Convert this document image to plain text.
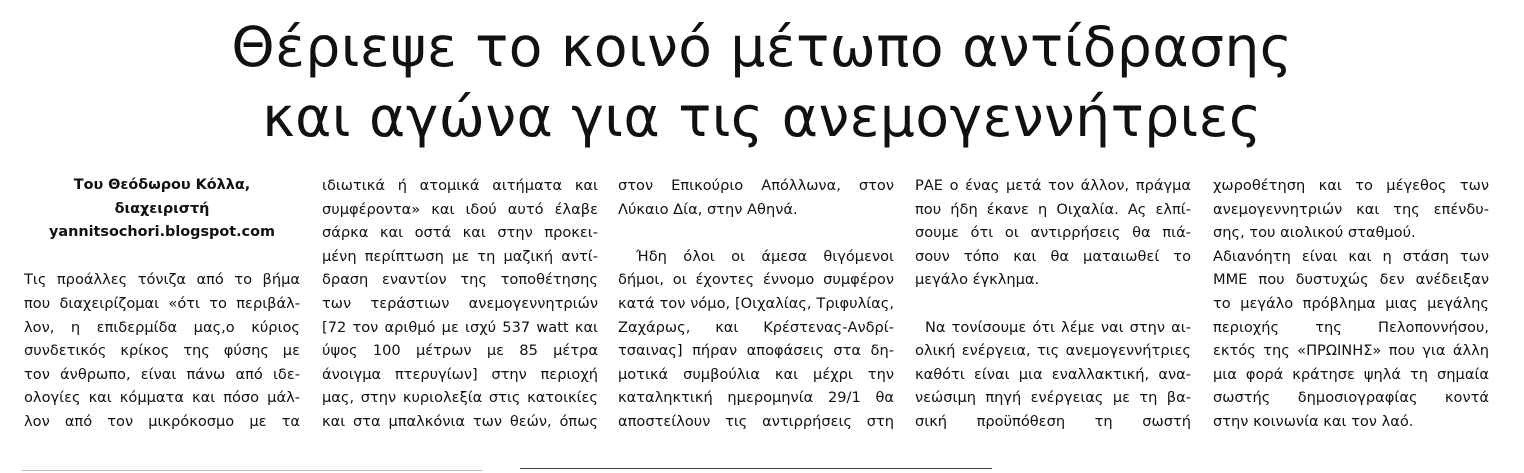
Θέριεψε το κοινό μέτωπο αντίδρασης
και αγώνα για τις ανεμογεννήτριες
Του Θεόδωρου Κόλλα,
διαχειριστή
yannitsochori.blogspot.com

Τις προάλλες τόνιζα από το βήμα

που διαχειρίζομαι «ότι το περιβάλ-

λον, η επιδερμίδα μας,ο κύριος

συνδετικός κρίκος της φύσης με

τον άνθρωπο, είναι πάνω από ιδε-

ολογίες και κόμματα και πόσο μάλ-

λον από τον μικρόκοσμο με τα

ιδιωτικά ή ατομικά αιτήματα και

συμφέροντα» και ιδού αυτό έλαβε

σάρκα και οστά και στην προκει-

μένη περίπτωση με τη μαζική αντί-

δραση εναντίον της τοποθέτησης

των τεράστιων ανεμογεννητριών

[72 τον αριθμό με ισχύ 537 watt και

ύψος 100 μέτρων με 85 μέτρα

άνοιγμα πτερυγίων] στην περιοχή

μας, στην κυριολεξία στις κατοικίες

και στα μπαλκόνια των θεών, όπως

στον Επικούριο Απόλλωνα, στον

Λύκαιο Δία, στην Αθηνά.

Ήδη όλοι οι άμεσα θιγόμενοι

δήμοι, οι έχοντες έννομο συμφέρον

κατά τον νόμο, [Οιχαλίας, Τριφυλίας,

Ζαχάρως, και Κρέστενας-Ανδρί-

τσαινας] πήραν αποφάσεις στα δη-

μοτικά συμβούλια και μέχρι την

καταληκτική ημερομηνία 29/1 θα

αποστείλουν τις αντιρρήσεις στη

ΡΑΕ ο ένας μετά τον άλλον, πράγμα

που ήδη έκανε η Οιχαλία. Ας ελπί-

σουμε ότι οι αντιρρήσεις θα πιά-

σουν τόπο και θα ματαιωθεί το

μεγάλο έγκλημα.

Να τονίσουμε ότι λέμε ναι στην αι-

ολική ενέργεια, τις ανεμογεννήτριες

καθότι είναι μια εναλλακτική, ανα-

νεώσιμη πηγή ενέργειας με τη βα-

σική προϋπόθεση τη σωστή

χωροθέτηση και το μέγεθος των

ανεμογεννητριών και της επένδυ-

σης, του αιολικού σταθμού.

Αδιανόητη είναι και η στάση των

ΜΜΕ που δυστυχώς δεν ανέδειξαν

το μεγάλο πρόβλημα μιας μεγάλης

περιοχής της Πελοποννήσου,

εκτός της «ΠΡΩΙΝΗΣ» που για άλλη

μια φορά κράτησε ψηλά τη σημαία

σωστής δημοσιογραφίας κοντά

στην κοινωνία και τον λαό.
